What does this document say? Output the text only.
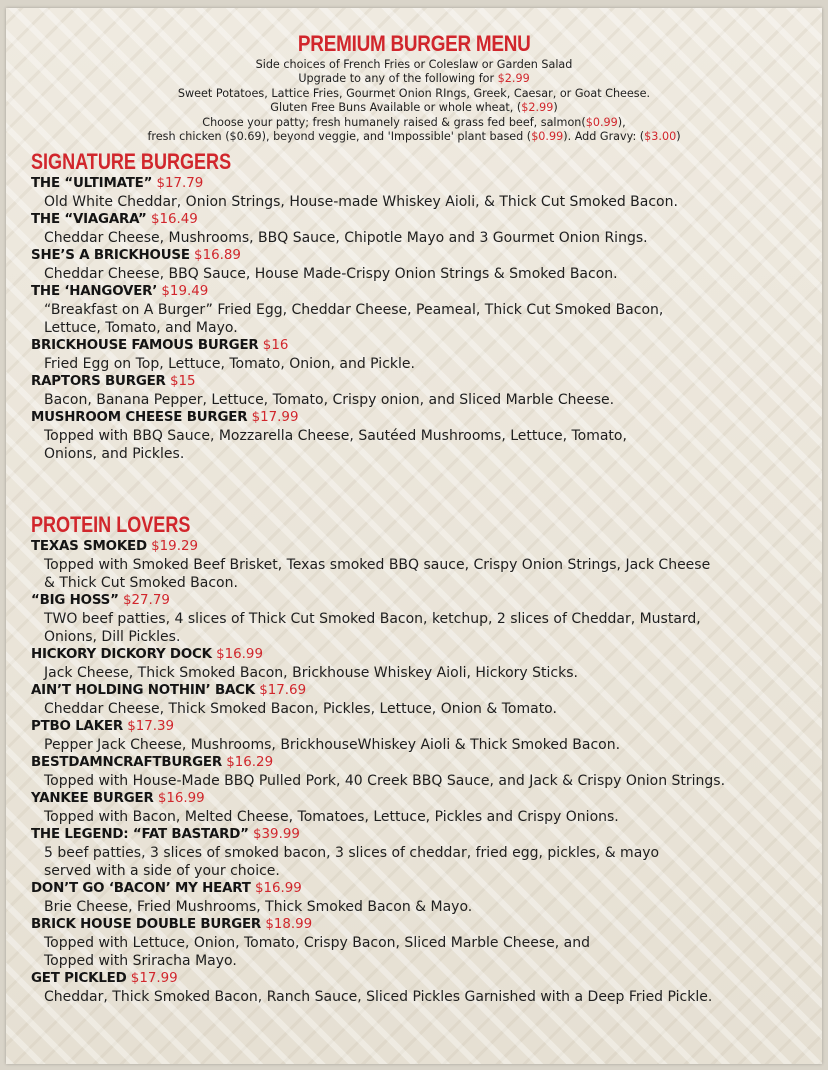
PREMIUM BURGER MENU
Side choices of French Fries or Coleslaw or Garden Salad
Upgrade to any of the following for $2.99
Sweet Potatoes, Lattice Fries, Gourmet Onion RIngs, Greek, Caesar, or Goat Cheese.
Gluten Free Buns Available or whole wheat, ($2.99)
Choose your patty; fresh humanely raised & grass fed beef, salmon($0.99),
fresh chicken ($0.69), beyond veggie, and 'Impossible' plant based ($0.99). Add Gravy: ($3.00)
SIGNATURE BURGERS
THE “ULTIMATE” $17.79
Old White Cheddar, Onion Strings, House-made Whiskey Aioli, & Thick Cut Smoked Bacon.
THE “VIAGARA” $16.49
Cheddar Cheese, Mushrooms, BBQ Sauce, Chipotle Mayo and 3 Gourmet Onion Rings.
SHE’S A BRICKHOUSE $16.89
Cheddar Cheese, BBQ Sauce, House Made-Crispy Onion Strings & Smoked Bacon.
THE ‘HANGOVER’ $19.49
“Breakfast on A Burger” Fried Egg, Cheddar Cheese, Peameal, Thick Cut Smoked Bacon,
Lettuce, Tomato, and Mayo.
BRICKHOUSE FAMOUS BURGER $16
Fried Egg on Top, Lettuce, Tomato, Onion, and Pickle.
RAPTORS BURGER $15
Bacon, Banana Pepper, Lettuce, Tomato, Crispy onion, and Sliced Marble Cheese.
MUSHROOM CHEESE BURGER $17.99
Topped with BBQ Sauce, Mozzarella Cheese, Sautéed Mushrooms, Lettuce, Tomato,
Onions, and Pickles.
PROTEIN LOVERS
TEXAS SMOKED $19.29
Topped with Smoked Beef Brisket, Texas smoked BBQ sauce, Crispy Onion Strings, Jack Cheese
& Thick Cut Smoked Bacon.
“BIG HOSS” $27.79
TWO beef patties, 4 slices of Thick Cut Smoked Bacon, ketchup, 2 slices of Cheddar, Mustard,
Onions, Dill Pickles.
HICKORY DICKORY DOCK $16.99
Jack Cheese, Thick Smoked Bacon, Brickhouse Whiskey Aioli, Hickory Sticks.
AIN’T HOLDING NOTHIN’ BACK $17.69
Cheddar Cheese, Thick Smoked Bacon, Pickles, Lettuce, Onion & Tomato.
PTBO LAKER $17.39
Pepper Jack Cheese, Mushrooms, BrickhouseWhiskey Aioli & Thick Smoked Bacon.
BESTDAMNCRAFTBURGER $16.29
Topped with House-Made BBQ Pulled Pork, 40 Creek BBQ Sauce, and Jack & Crispy Onion Strings.
YANKEE BURGER $16.99
Topped with Bacon, Melted Cheese, Tomatoes, Lettuce, Pickles and Crispy Onions.
THE LEGEND: “FAT BASTARD” $39.99
5 beef patties, 3 slices of smoked bacon, 3 slices of cheddar, fried egg, pickles, & mayo
served with a side of your choice.
DON’T GO ‘BACON’ MY HEART $16.99
Brie Cheese, Fried Mushrooms, Thick Smoked Bacon & Mayo.
BRICK HOUSE DOUBLE BURGER $18.99
Topped with Lettuce, Onion, Tomato, Crispy Bacon, Sliced Marble Cheese, and
Topped with Sriracha Mayo.
GET PICKLED $17.99
Cheddar, Thick Smoked Bacon, Ranch Sauce, Sliced Pickles Garnished with a Deep Fried Pickle.
